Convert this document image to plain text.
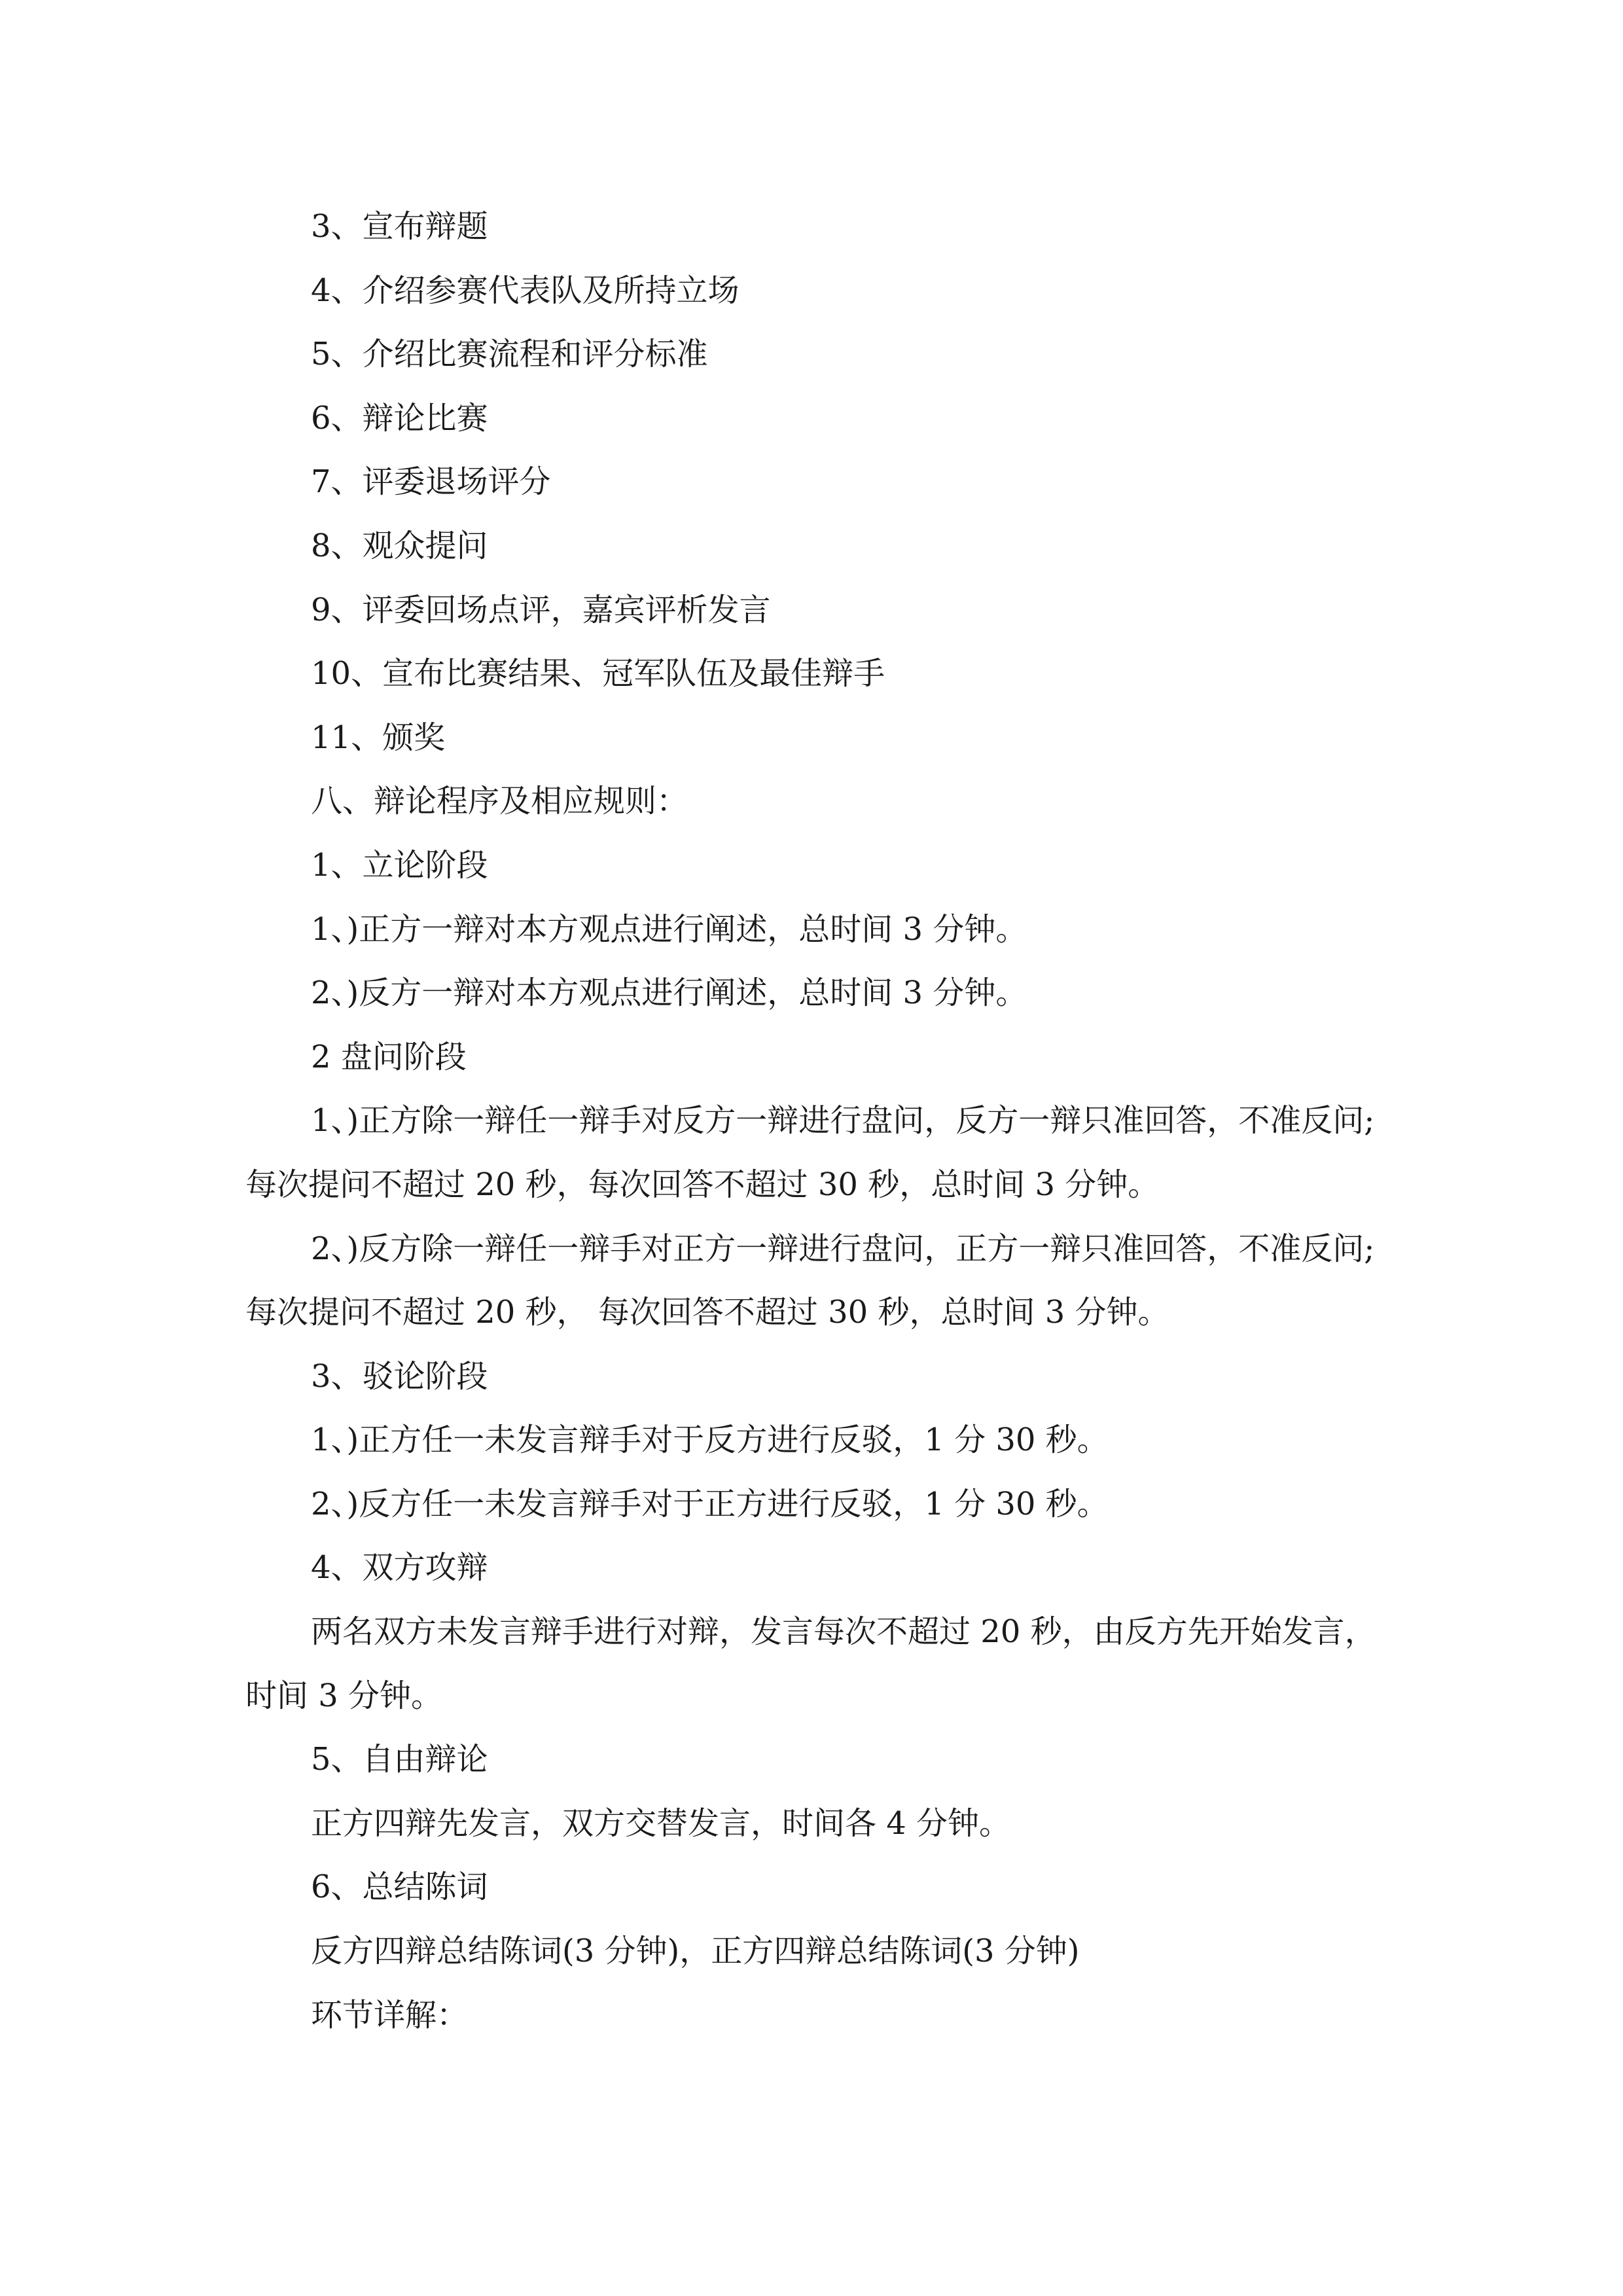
3、宣布辩题

4、介绍参赛代表队及所持立场

5、介绍比赛流程和评分标准

6、辩论比赛

7、评委退场评分

8、观众提问

9、评委回场点评，嘉宾评析发言

10、宣布比赛结果、冠军队伍及最佳辩手

11、颁奖

八、辩论程序及相应规则：

1、立论阶段

1、)正方一辩对本方观点进行阐述，总时间 3 分钟。

2、)反方一辩对本方观点进行阐述，总时间 3 分钟。

2 盘问阶段

1、)正方除一辩任一辩手对反方一辩进行盘问，反方一辩只准回答，不准反问;每次提问不超过 20 秒，每次回答不超过 30 秒，总时间 3 分钟。

2、)反方除一辩任一辩手对正方一辩进行盘问，正方一辩只准回答，不准反问;每次提问不超过 20 秒， 每次回答不超过 30 秒，总时间 3 分钟。

3、驳论阶段

1、)正方任一未发言辩手对于反方进行反驳，1 分 30 秒。

2、)反方任一未发言辩手对于正方进行反驳，1 分 30 秒。

4、双方攻辩

两名双方未发言辩手进行对辩，发言每次不超过 20 秒，由反方先开始发言，时间 3 分钟。

5、自由辩论

正方四辩先发言，双方交替发言，时间各 4 分钟。

6、总结陈词

反方四辩总结陈词(3 分钟)，正方四辩总结陈词(3 分钟)

环节详解：
